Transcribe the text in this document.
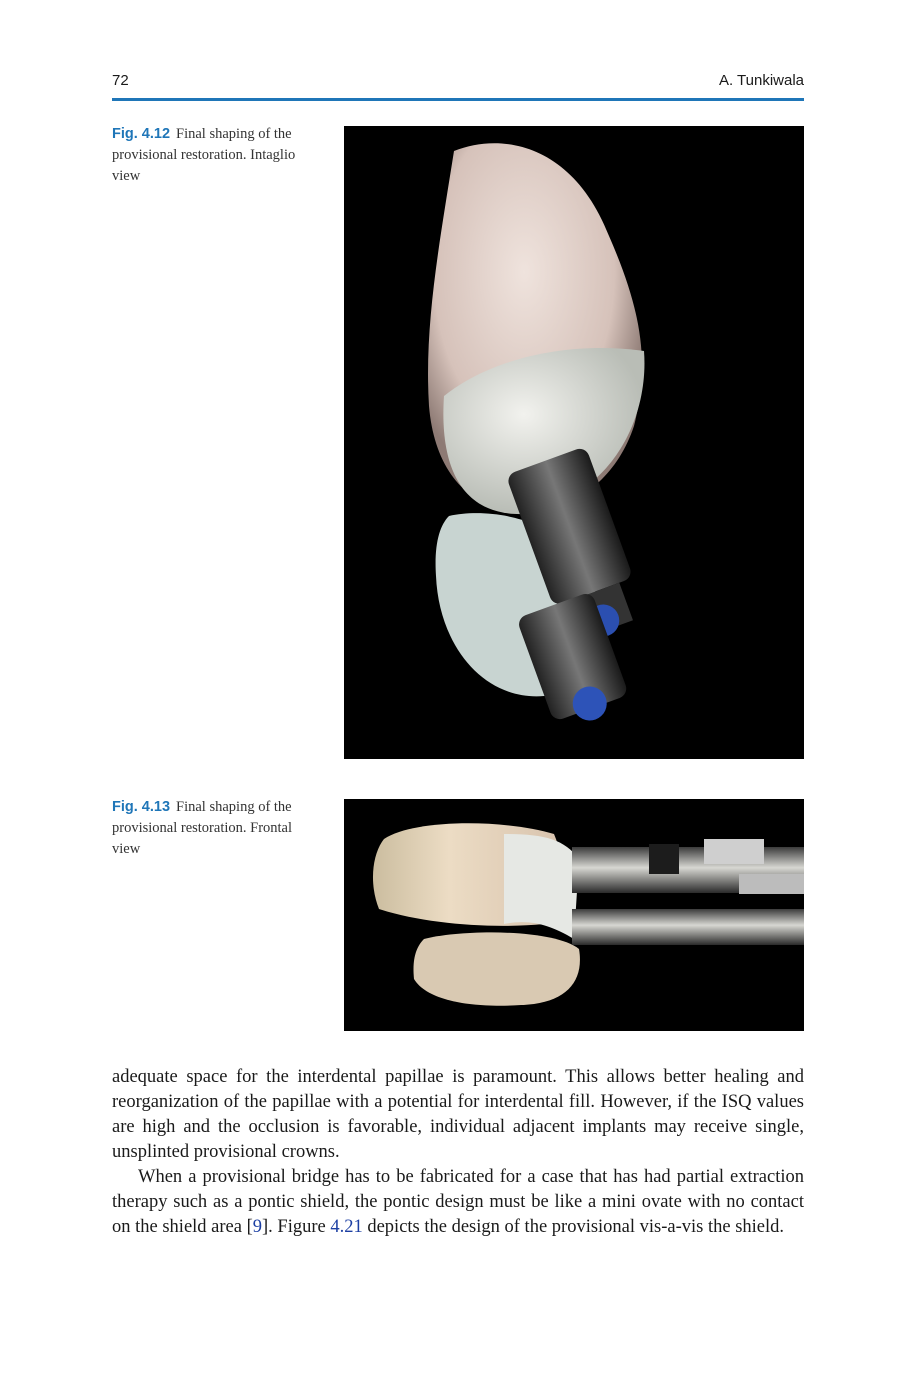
72	A. Tunkiwala
Fig. 4.12 Final shaping of the provisional restoration. Intaglio view
Fig. 4.13 Final shaping of the provisional restoration. Frontal view

adequate space for the interdental papillae is paramount. This allows better healing and reorganization of the papillae with a potential for interdental fill. However, if the ISQ values are high and the occlusion is favorable, individual adjacent implants may receive single, unsplinted provisional crowns.

When a provisional bridge has to be fabricated for a case that has had partial extraction therapy such as a pontic shield, the pontic design must be like a mini ovate with no contact on the shield area [9]. Figure 4.21 depicts the design of the provisional vis-a-vis the shield.
